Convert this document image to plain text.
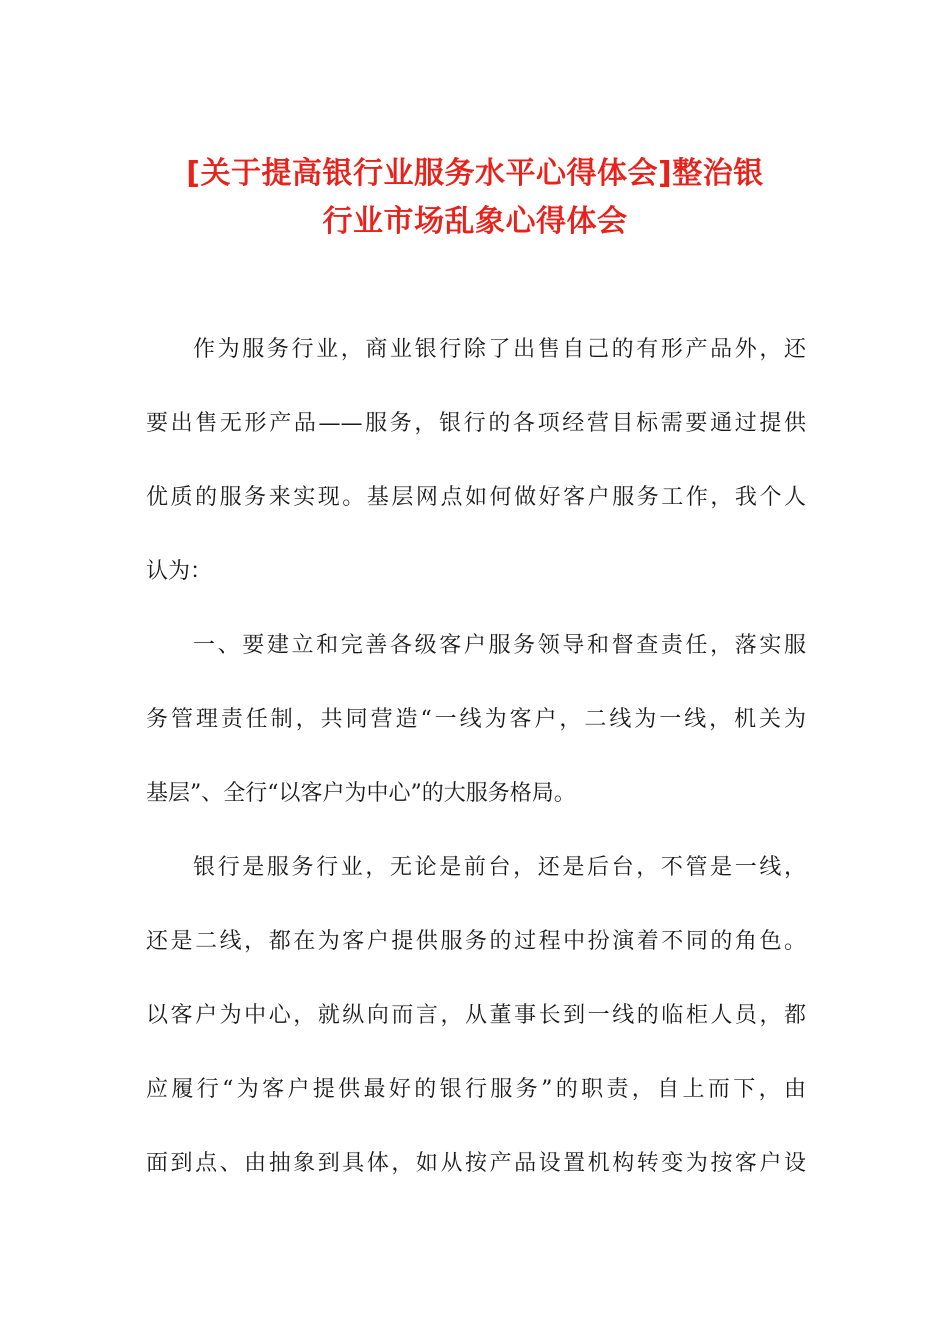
[关于提高银行业服务水平心得体会]整治银
行业市场乱象心得体会
作为服务行业，商业银行除了出售自己的有形产品外，还
要出售无形产品——服务，银行的各项经营目标需要通过提供
优质的服务来实现。基层网点如何做好客户服务工作，我个人
认为：
一、要建立和完善各级客户服务领导和督查责任，落实服
务管理责任制，共同营造“一线为客户，二线为一线，机关为
基层”、全行“以客户为中心”的大服务格局。
银行是服务行业，无论是前台，还是后台，不管是一线，
还是二线，都在为客户提供服务的过程中扮演着不同的角色。
以客户为中心，就纵向而言，从董事长到一线的临柜人员，都
应履行“为客户提供最好的银行服务”的职责，自上而下，由
面到点、由抽象到具体，如从按产品设置机构转变为按客户设
